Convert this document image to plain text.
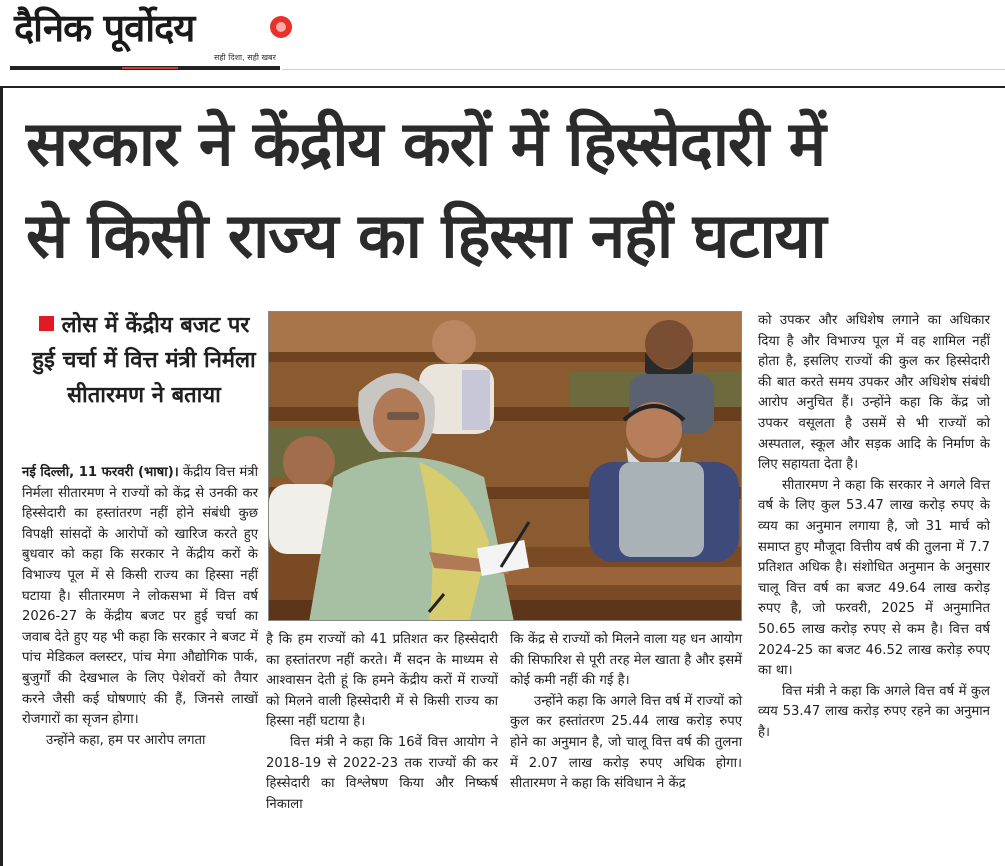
दैनिक पूर्वोदय
सही दिशा, सही खबर
सरकार ने केंद्रीय करों में हिस्सेदारी में
से किसी राज्य का हिस्सा नहीं घटाया
लोस में केंद्रीय बजट पर हुई चर्चा में वित्त मंत्री निर्मला सीतारमण ने बताया

नई दिल्ली, 11 फरवरी (भाषा)। केंद्रीय वित्त मंत्री निर्मला सीतारमण ने राज्यों को केंद्र से उनकी कर हिस्सेदारी का हस्तांतरण नहीं होने संबंधी कुछ विपक्षी सांसदों के आरोपों को खारिज करते हुए बुधवार को कहा कि सरकार ने केंद्रीय करों के विभाज्य पूल में से किसी राज्य का हिस्सा नहीं घटाया है। सीतारमण ने लोकसभा में वित्त वर्ष 2026-27 के केंद्रीय बजट पर हुई चर्चा का जवाब देते हुए यह भी कहा कि सरकार ने बजट में पांच मेडिकल क्लस्टर, पांच मेगा औद्योगिक पार्क, बुजुर्गों की देखभाल के लिए पेशेवरों को तैयार करने जैसी कई घोषणाएं की हैं, जिनसे लाखों रोजगारों का सृजन होगा।

उन्होंने कहा, हम पर आरोप लगता

है कि हम राज्यों को 41 प्रतिशत कर हिस्सेदारी का हस्तांतरण नहीं करते। मैं सदन के माध्यम से आश्वासन देती हूं कि हमने केंद्रीय करों में राज्यों को मिलने वाली हिस्सेदारी में से किसी राज्य का हिस्सा नहीं घटाया है।

वित्त मंत्री ने कहा कि 16वें वित्त आयोग ने 2018-19 से 2022-23 तक राज्यों की कर हिस्सेदारी का विश्लेषण किया और निष्कर्ष निकाला

कि केंद्र से राज्यों को मिलने वाला यह धन आयोग की सिफारिश से पूरी तरह मेल खाता है और इसमें कोई कमी नहीं की गई है।

उन्होंने कहा कि अगले वित्त वर्ष में राज्यों को कुल कर हस्तांतरण 25.44 लाख करोड़ रुपए होने का अनुमान है, जो चालू वित्त वर्ष की तुलना में 2.07 लाख करोड़ रुपए अधिक होगा। सीतारमण ने कहा कि संविधान ने केंद्र

को उपकर और अधिशेष लगाने का अधिकार दिया है और विभाज्य पूल में वह शामिल नहीं होता है, इसलिए राज्यों की कुल कर हिस्सेदारी की बात करते समय उपकर और अधिशेष संबंधी आरोप अनुचित हैं। उन्होंने कहा कि केंद्र जो उपकर वसूलता है उसमें से भी राज्यों को अस्पताल, स्कूल और सड़क आदि के निर्माण के लिए सहायता देता है।

सीतारमण ने कहा कि सरकार ने अगले वित्त वर्ष के लिए कुल 53.47 लाख करोड़ रुपए के व्यय का अनुमान लगाया है, जो 31 मार्च को समाप्त हुए मौजूदा वित्तीय वर्ष की तुलना में 7.7 प्रतिशत अधिक है। संशोधित अनुमान के अनुसार चालू वित्त वर्ष का बजट 49.64 लाख करोड़ रुपए है, जो फरवरी, 2025 में अनुमानित 50.65 लाख करोड़ रुपए से कम है। वित्त वर्ष 2024-25 का बजट 46.52 लाख करोड़ रुपए का था।

वित्त मंत्री ने कहा कि अगले वित्त वर्ष में कुल व्यय 53.47 लाख करोड़ रुपए रहने का अनुमान है।
